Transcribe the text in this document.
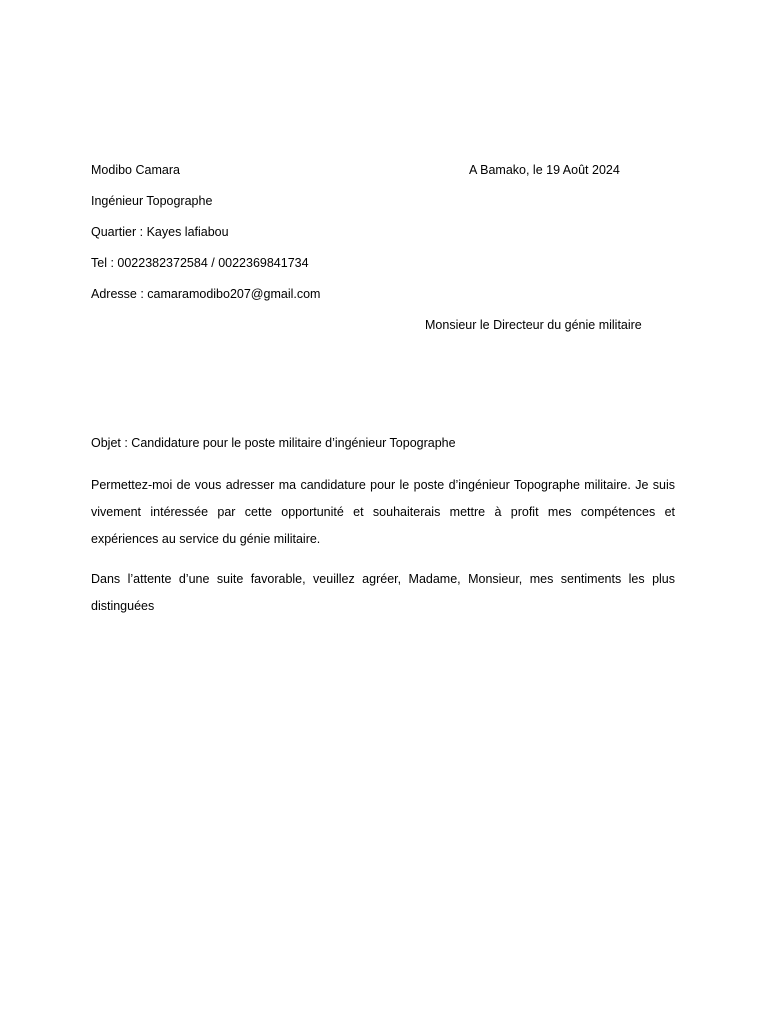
Modibo Camara	A Bamako, le 19 Août 2024
Ingénieur Topographe
Quartier : Kayes lafiabou
Tel : 0022382372584 / 0022369841734
Adresse : camaramodibo207@gmail.com
Monsieur le Directeur du génie militaire
Objet : Candidature pour le poste militaire d’ingénieur Topographe

Permettez-moi de vous adresser ma candidature pour le poste d’ingénieur Topographe militaire. Je suis vivement intéressée par cette opportunité et souhaiterais mettre à profit mes compétences et expériences au service du génie militaire.

Dans l’attente d’une suite favorable, veuillez agréer, Madame, Monsieur, mes sentiments les plus distinguées
